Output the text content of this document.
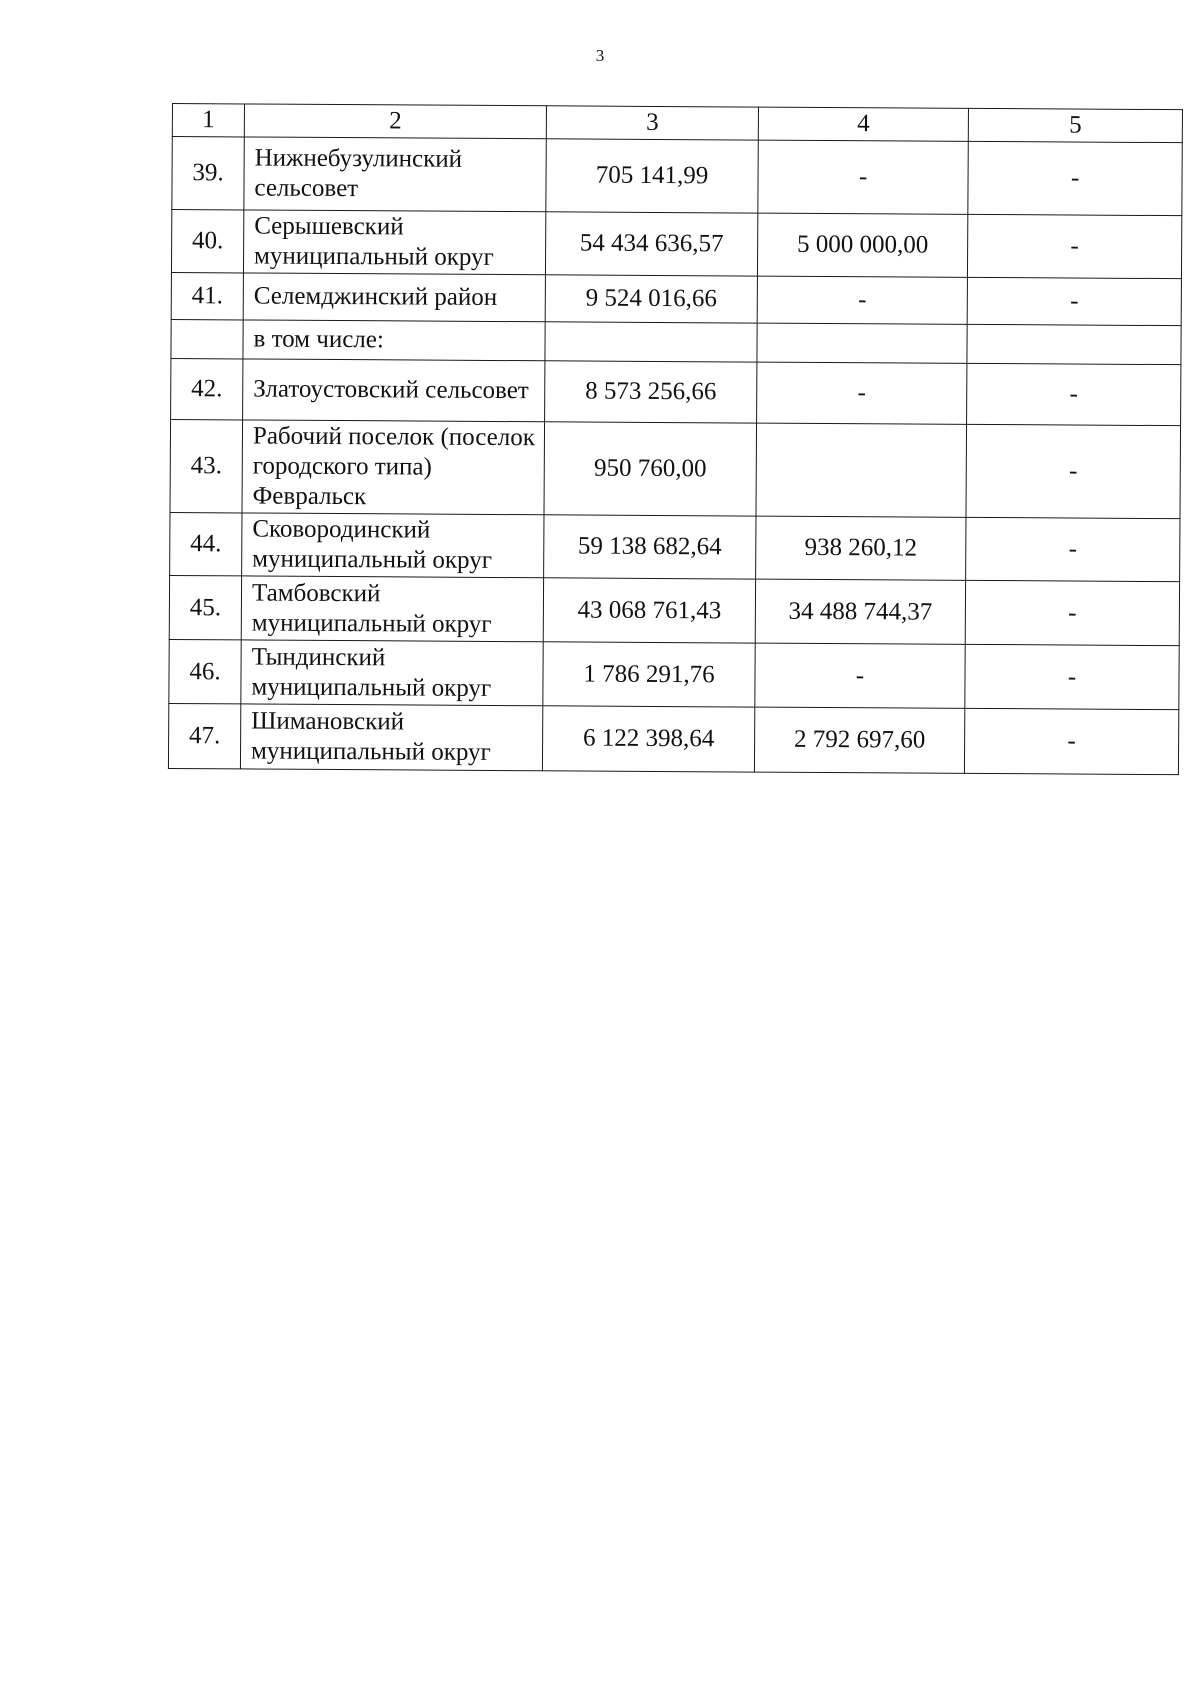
3
1	2	3	4	5
39.	Нижнебузулинский сельсовет	705 141,99	-	-
40.	Серышевский муниципальный округ	54 434 636,57	5 000 000,00	-
41.	Селемджинский район	9 524 016,66	-	-
	в том числе:			
42.	Златоустовский сельсовет	8 573 256,66	-	-
43.	Рабочий поселок (поселок городского типа) Февральск	950 760,00		-
44.	Сковородинский муниципальный округ	59 138 682,64	938 260,12	-
45.	Тамбовский муниципальный округ	43 068 761,43	34 488 744,37	-
46.	Тындинский муниципальный округ	1 786 291,76	-	-
47.	Шимановский муниципальный округ	6 122 398,64	2 792 697,60	-
